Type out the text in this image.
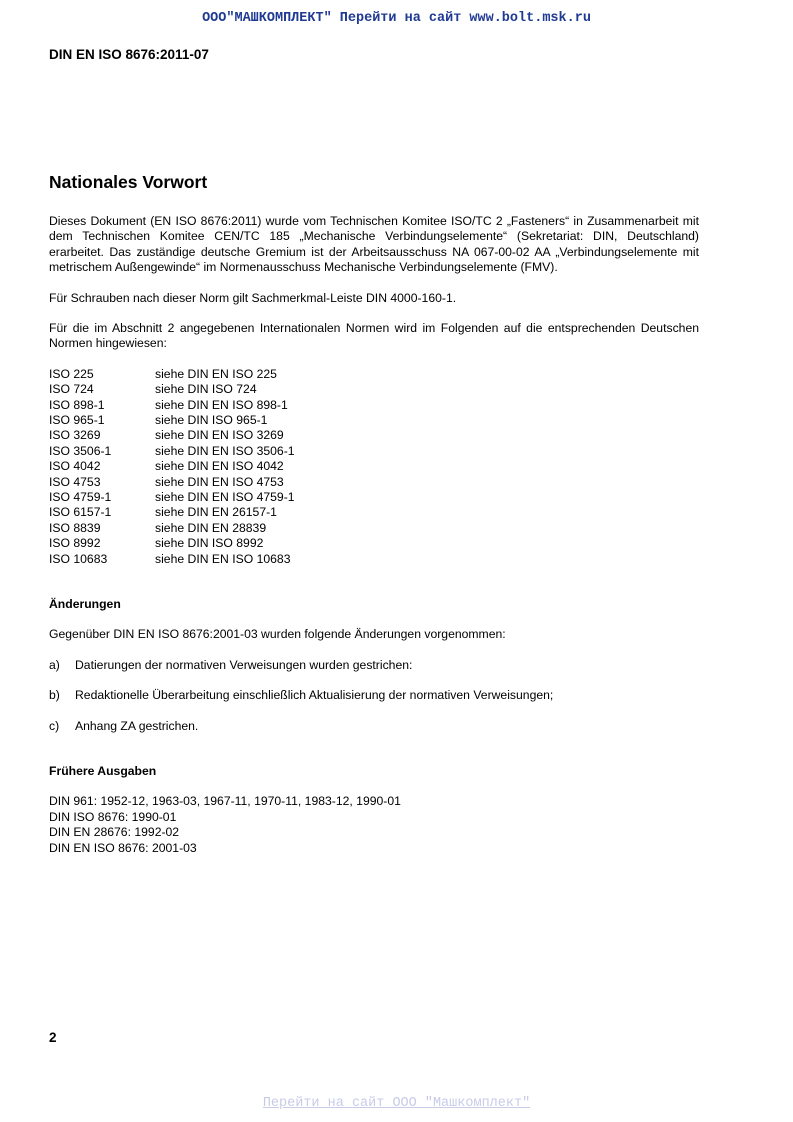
ООО"МАШКОМПЛЕКТ" Перейти на сайт www.bolt.msk.ru
DIN EN ISO 8676:2011-07
Nationales Vorwort

Dieses Dokument (EN ISO 8676:2011) wurde vom Technischen Komitee ISO/TC 2 „Fasteners“ in Zusammenarbeit mit dem Technischen Komitee CEN/TC 185 „Mechanische Verbindungselemente“ (Sekretariat: DIN, Deutschland) erarbeitet. Das zuständige deutsche Gremium ist der Arbeitsausschuss NA 067-00-02 AA „Verbindungselemente mit metrischem Außengewinde“ im Normenausschuss Mechanische Verbindungselemente (FMV).

Für Schrauben nach dieser Norm gilt Sachmerkmal-Leiste DIN 4000-160-1.

Für die im Abschnitt 2 angegebenen Internationalen Normen wird im Folgenden auf die entsprechenden Deutschen Normen hingewiesen:

ISO 225	siehe DIN EN ISO 225
ISO 724	siehe DIN ISO 724
ISO 898-1	siehe DIN EN ISO 898-1
ISO 965-1	siehe DIN ISO 965-1
ISO 3269	siehe DIN EN ISO 3269
ISO 3506-1	siehe DIN EN ISO 3506-1
ISO 4042	siehe DIN EN ISO 4042
ISO 4753	siehe DIN EN ISO 4753
ISO 4759-1	siehe DIN EN ISO 4759-1
ISO 6157-1	siehe DIN EN 26157-1
ISO 8839	siehe DIN EN 28839
ISO 8992	siehe DIN ISO 8992
ISO 10683	siehe DIN EN ISO 10683

Änderungen

Gegenüber DIN EN ISO 8676:2001-03 wurden folgende Änderungen vorgenommen:

a)	Datierungen der normativen Verweisungen wurden gestrichen:
b)	Redaktionelle Überarbeitung einschließlich Aktualisierung der normativen Verweisungen;
c)	Anhang ZA gestrichen.

Frühere Ausgaben

DIN 961: 1952-12, 1963-03, 1967-11, 1970-11, 1983-12, 1990-01

DIN ISO 8676: 1990-01

DIN EN 28676: 1992-02

DIN EN ISO 8676: 2001-03

2
Перейти на сайт ООО "Машкомплект"
